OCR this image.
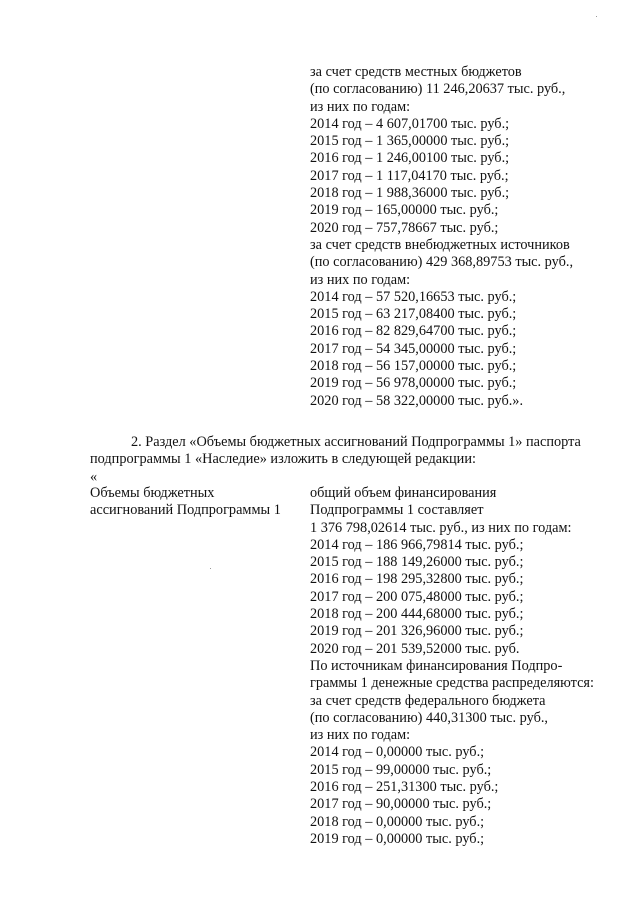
за счет средств местных бюджетов
(по согласованию) 11 246,20637 тыс. руб.,
из них по годам:
2014 год – 4 607,01700 тыс. руб.;
2015 год – 1 365,00000 тыс. руб.;
2016 год – 1 246,00100 тыс. руб.;
2017 год – 1 117,04170 тыс. руб.;
2018 год – 1 988,36000 тыс. руб.;
2019 год – 165,00000 тыс. руб.;
2020 год – 757,78667 тыс. руб.;
за счет средств внебюджетных источников
(по согласованию) 429 368,89753 тыс. руб.,
из них по годам:
2014 год – 57 520,16653 тыс. руб.;
2015 год – 63 217,08400 тыс. руб.;
2016 год – 82 829,64700 тыс. руб.;
2017 год – 54 345,00000 тыс. руб.;
2018 год – 56 157,00000 тыс. руб.;
2019 год – 56 978,00000 тыс. руб.;
2020 год – 58 322,00000 тыс. руб.».
2. Раздел «Объемы бюджетных ассигнований Подпрограммы 1» паспорта
подпрограммы 1 «Наследие» изложить в следующей редакции:
«
Объемы бюджетных
ассигнований Подпрограммы 1
общий объем финансирования
Подпрограммы 1 составляет
1 376 798,02614 тыс. руб., из них по годам:
2014 год – 186 966,79814 тыс. руб.;
2015 год – 188 149,26000 тыс. руб.;
2016 год – 198 295,32800 тыс. руб.;
2017 год – 200 075,48000 тыс. руб.;
2018 год – 200 444,68000 тыс. руб.;
2019 год – 201 326,96000 тыс. руб.;
2020 год – 201 539,52000 тыс. руб.
По источникам финансирования Подпро-
граммы 1 денежные средства распределяются:
за счет средств федерального бюджета
(по согласованию) 440,31300 тыс. руб.,
из них по годам:
2014 год – 0,00000 тыс. руб.;
2015 год – 99,00000 тыс. руб.;
2016 год – 251,31300 тыс. руб.;
2017 год – 90,00000 тыс. руб.;
2018 год – 0,00000 тыс. руб.;
2019 год – 0,00000 тыс. руб.;
